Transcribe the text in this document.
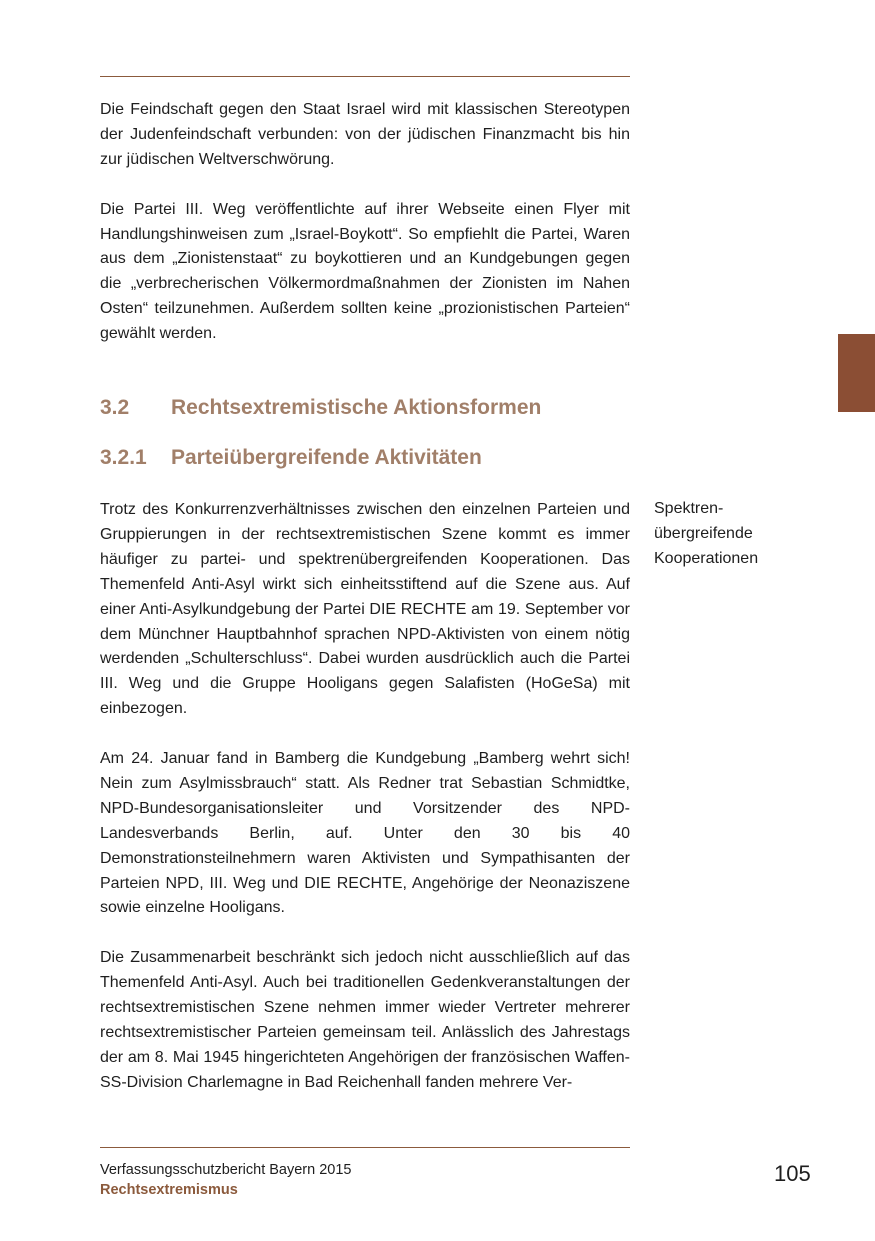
Die Feindschaft gegen den Staat Israel wird mit klassischen Stereotypen der Judenfeindschaft verbunden: von der jüdischen Finanzmacht bis hin zur jüdischen Weltverschwörung.

Die Partei III. Weg veröffentlichte auf ihrer Webseite einen Flyer mit Handlungshinweisen zum „Israel-Boykott“. So empfiehlt die Partei, Waren aus dem „Zionistenstaat“ zu boykottieren und an Kundgebungen gegen die „verbrecherischen Völkermordmaßnahmen der Zionisten im Nahen Osten“ teilzunehmen. Außerdem sollten keine „prozionistischen Parteien“ gewählt werden.

3.2 Rechtsextremistische Aktionsformen
3.2.1 Parteiübergreifende Aktivitäten

Trotz des Konkurrenzverhältnisses zwischen den einzelnen Parteien und Gruppierungen in der rechtsextremistischen Szene kommt es immer häufiger zu partei- und spektrenübergreifenden Kooperationen. Das Themenfeld Anti-Asyl wirkt sich einheitsstiftend auf die Szene aus. Auf einer Anti-Asylkundgebung der Partei DIE RECHTE am 19. September vor dem Münchner Hauptbahnhof sprachen NPD-Aktivisten von einem nötig werdenden „Schulterschluss“. Dabei wurden ausdrücklich auch die Partei III. Weg und die Gruppe Hooligans gegen Salafisten (HoGeSa) mit einbezogen.

Am 24. Januar fand in Bamberg die Kundgebung „Bamberg wehrt sich! Nein zum Asylmissbrauch“ statt. Als Redner trat Sebastian Schmidtke, NPD-Bundesorganisationsleiter und Vorsitzender des NPD-Landesverbands Berlin, auf. Unter den 30 bis 40 Demonstrationsteilnehmern waren Aktivisten und Sympathisanten der Parteien NPD, III. Weg und DIE RECHTE, Angehörige der Neonaziszene sowie einzelne Hooligans.

Die Zusammenarbeit beschränkt sich jedoch nicht ausschließlich auf das Themenfeld Anti-Asyl. Auch bei traditionellen Gedenkveranstaltungen der rechtsextremistischen Szene nehmen immer wieder Vertreter mehrerer rechtsextremistischer Parteien gemeinsam teil. Anlässlich des Jahrestags der am 8. Mai 1945 hingerichteten Angehörigen der französischen Waffen-SS-Division Charlemagne in Bad Reichenhall fanden mehrere Ver-

Spektren-
übergreifende
Kooperationen
Verfassungsschutzbericht Bayern 2015
Rechtsextremismus
105
